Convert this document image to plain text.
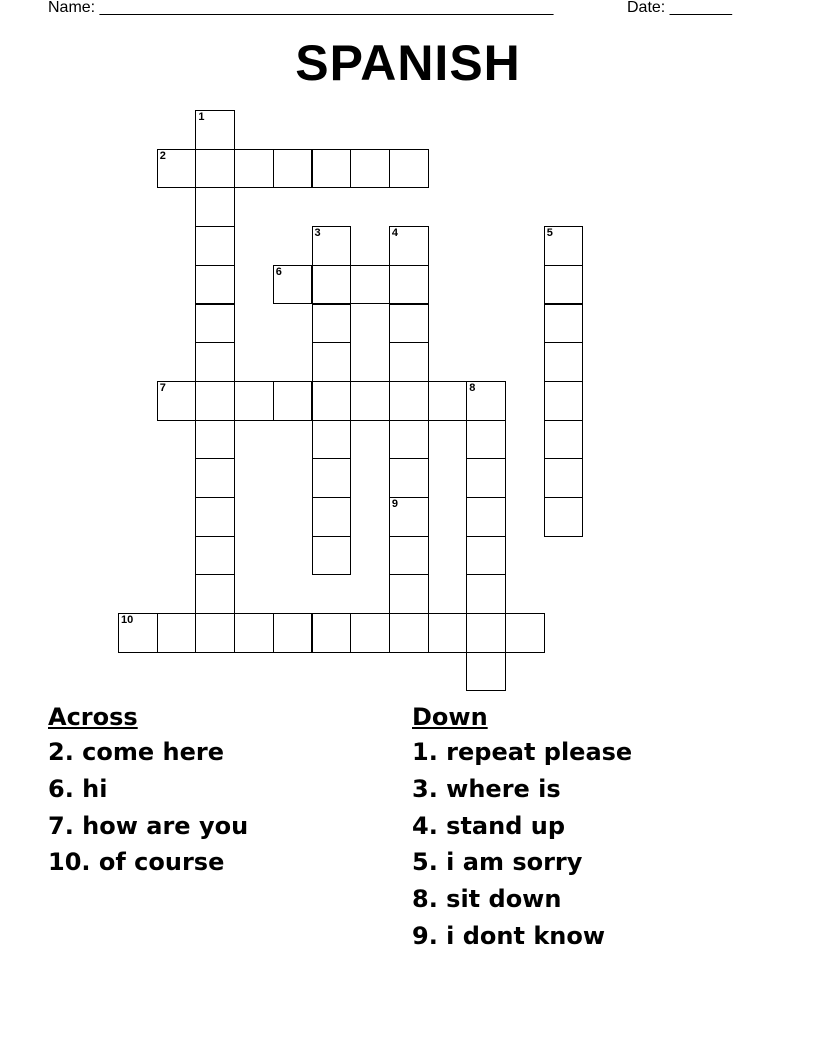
Name: ___________________________________________________	Date: _______
SPANISH
1
2
3	4	5
6
7	8
9
10
Across
2. come here
6. hi
7. how are you
10. of course
Down
1. repeat please
3. where is
4. stand up
5. i am sorry
8. sit down
9. i dont know
